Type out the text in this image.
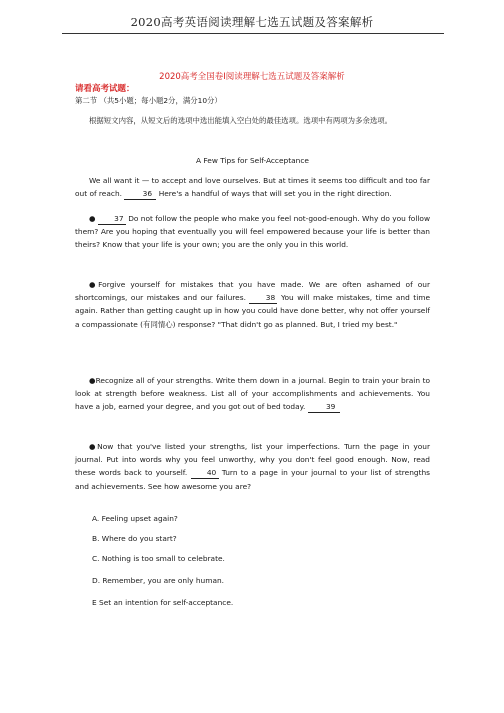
2020高考英语阅读理解七选五试题及答案解析
2020高考全国卷I阅读理解七选五试题及答案解析
请看高考试题：
第二节 （共5小题；每小题2分，满分10分）
根据短文内容，从短文后的选项中选出能填入空白处的最佳选项。选项中有两项为多余选项。
A Few Tips for Self-Acceptance
We all want it — to accept and love ourselves. But at times it seems too difficult and too far out of reach.	36 Here's a handful of ways that will set you in the right direction.
●	37 Do not follow the people who make you feel not-good-enough. Why do you follow them? Are you hoping that eventually you will feel empowered because your life is better than theirs? Know that your life is your own; you are the only you in this world.
●Forgive yourself for mistakes that you have made. We are often ashamed of our shortcomings, our mistakes and our failures.	38 You will make mistakes, time and time again. Rather than getting caught up in how you could have done better, why not offer yourself a compassionate (有同情心) response? "That didn't go as planned. But, I tried my best."
●Recognize all of your strengths. Write them down in a journal. Begin to train your brain to look at strength before weakness. List all of your accomplishments and achievements. You have a job, earned your degree, and you got out of bed today.	39
●Now that you've listed your strengths, list your imperfections. Turn the page in your journal. Put into words why you feel unworthy, why you don't feel good enough. Now, read these words back to yourself.	40 Turn to a page in your journal to your list of strengths and achievements. See how awesome you are?
A. Feeling upset again?
B. Where do you start?
C. Nothing is too small to celebrate.
D. Remember, you are only human.
E Set an intention for self-acceptance.
